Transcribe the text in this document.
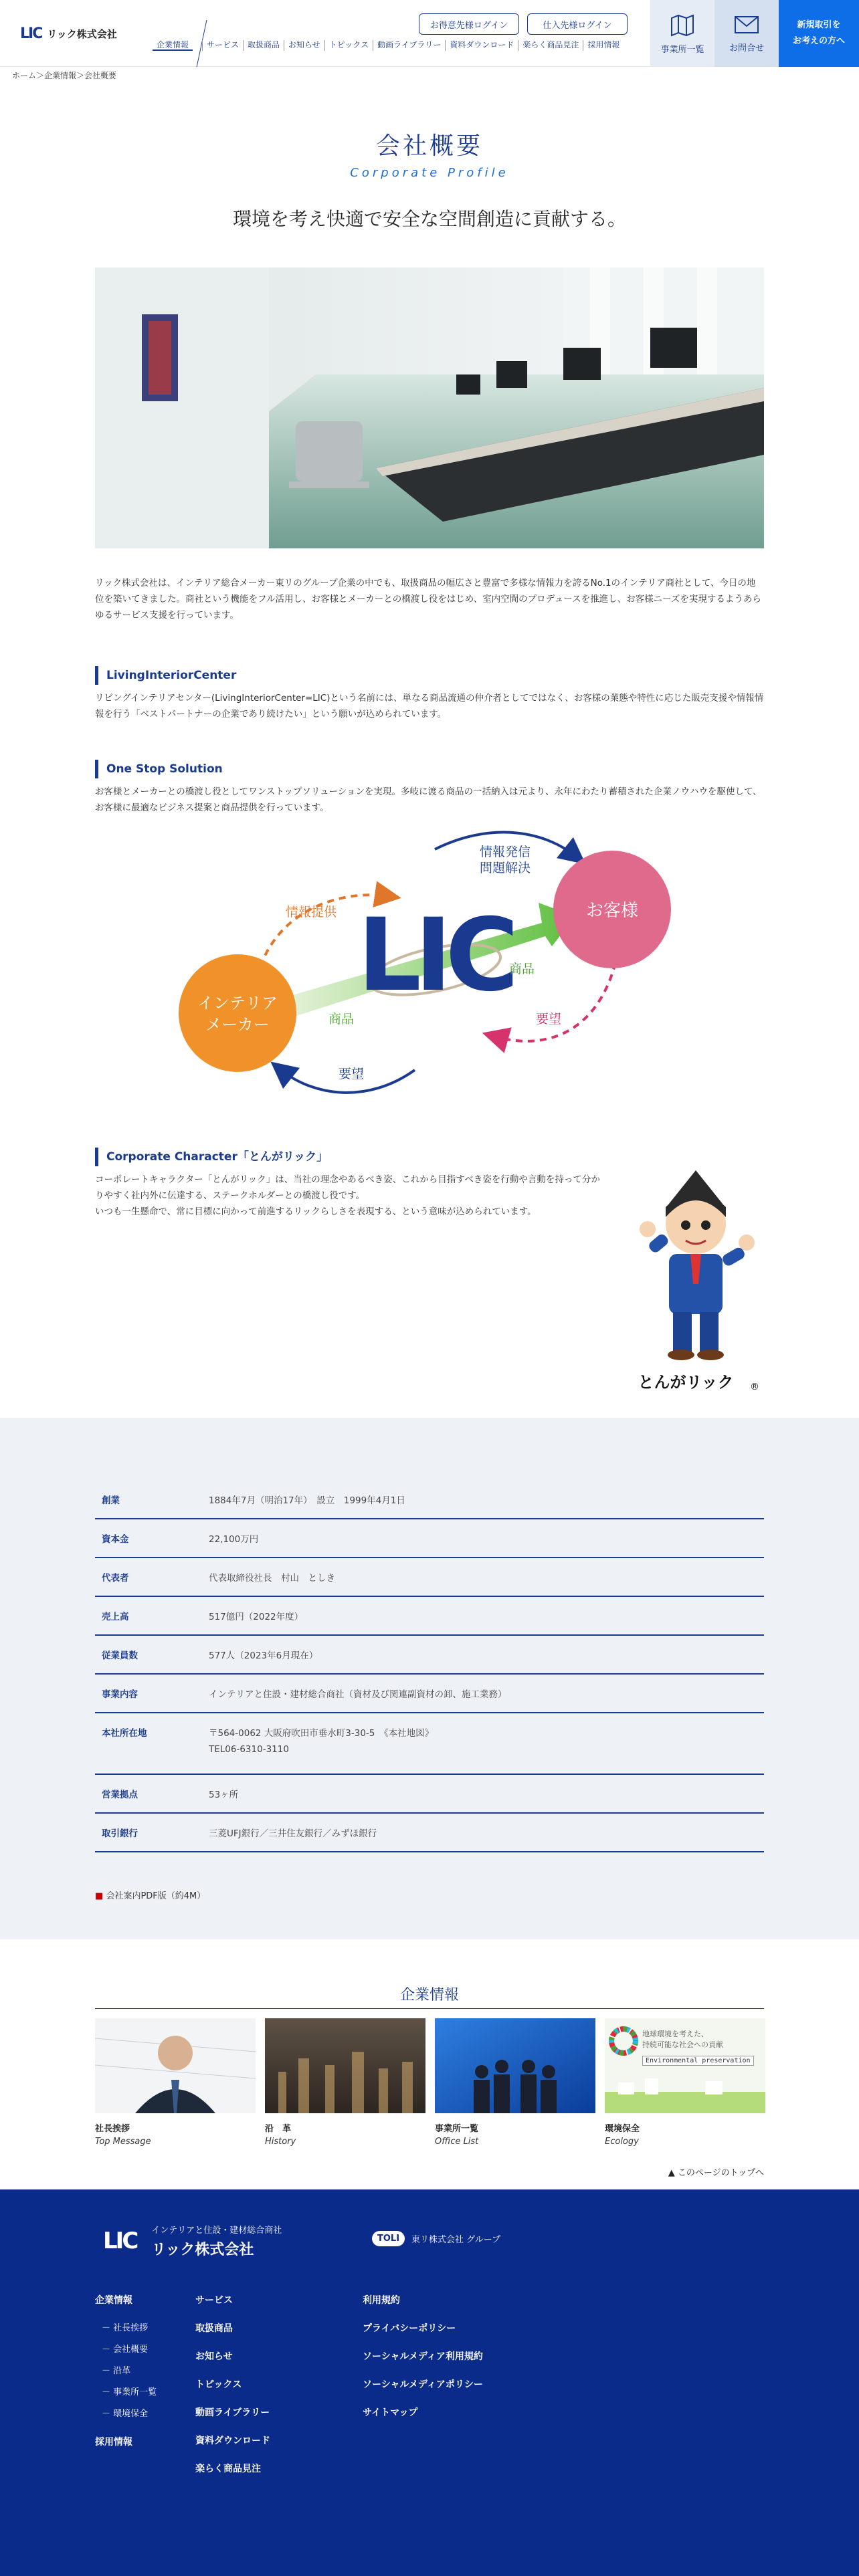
LIC リック株式会社
企業情報	サービス	取扱商品	お知らせ	トピックス	動画ライブラリー	資料ダウンロード	楽らく商品見注	採用情報
お得意先様ログイン	仕入先様ログイン
事業所一覧	お問合せ
新規取引を
お考えの方へ
ホーム＞企業情報＞会社概要
会社概要
Corporate Profile
環境を考え快適で安全な空間創造に貢献する。
リック株式会社は、インテリア総合メーカー東リのグループ企業の中でも、取扱商品の幅広さと豊富で多様な情報力を誇るNo.1のインテリア商社として、今日の地位を築いてきました。商社という機能をフル活用し、お客様とメーカーとの橋渡し役をはじめ、室内空間のプロデュースを推進し、お客様ニーズを実現するようあらゆるサービス支援を行っています。
LivingInteriorCenter
リビングインテリアセンター(LivingInteriorCenter=LIC)という名前には、単なる商品流通の仲介者としてではなく、お客様の業態や特性に応じた販売支援や情報情報を行う「ベストパートナーの企業であり続けたい」という願いが込められています。
One Stop Solution
お客様とメーカーとの橋渡し役としてワンストップソリューションを実現。多岐に渡る商品の一括納入は元より、永年にわたり蓄積された企業ノウハウを駆使して、お客様に最適なビジネス提案と商品提供を行っています。
LIC
インテリア
メーカー
お客様
情報提供
情報発信
問題解決
商品
商品
要望
要望
Corporate Character「とんがリック」
コーポレートキャラクター「とんがリック」は、当社の理念やあるべき姿、これから目指すべき姿を行動や言動を持って分かりやすく社内外に伝達する、ステークホルダーとの橋渡し役です。
いつも一生懸命で、常に目標に向かって前進するリックらしさを表現する、という意味が込められています。
とんがリック ®
創業	1884年7月（明治17年）　設立　1999年4月1日
資本金	22,100万円
代表者	代表取締役社長　村山　としき
売上高	517億円（2022年度）
従業員数	577人（2023年6月現在）
事業内容	インテリアと住設・建材総合商社（資材及び関連副資材の卸、施工業務）
本社所在地	〒564-0062 大阪府吹田市垂水町3-30-5　《本社地図》
TEL06-6310-3110
営業拠点	53ヶ所
取引銀行	三菱UFJ銀行／三井住友銀行／みずほ銀行
■ 会社案内PDF版（約4M）
企業情報
社長挨拶
Top Message
沿　革
History
事業所一覧
Office List
地球環境を考えた、
持続可能な社会への貢献
Environmental preservation
環境保全
Ecology
▲ このページのトップへ
LIC インテリアと住設・建材総合商社
リック株式会社
TOLI	東リ株式会社 グループ
企業情報
－ 社長挨拶
－ 会社概要
－ 沿革
－ 事業所一覧
－ 環境保全
採用情報
サービス
取扱商品
お知らせ
トピックス
動画ライブラリー
資料ダウンロード
楽らく商品見注
利用規約
プライバシーポリシー
ソーシャルメディア利用規約
ソーシャルメディアポリシー
サイトマップ
